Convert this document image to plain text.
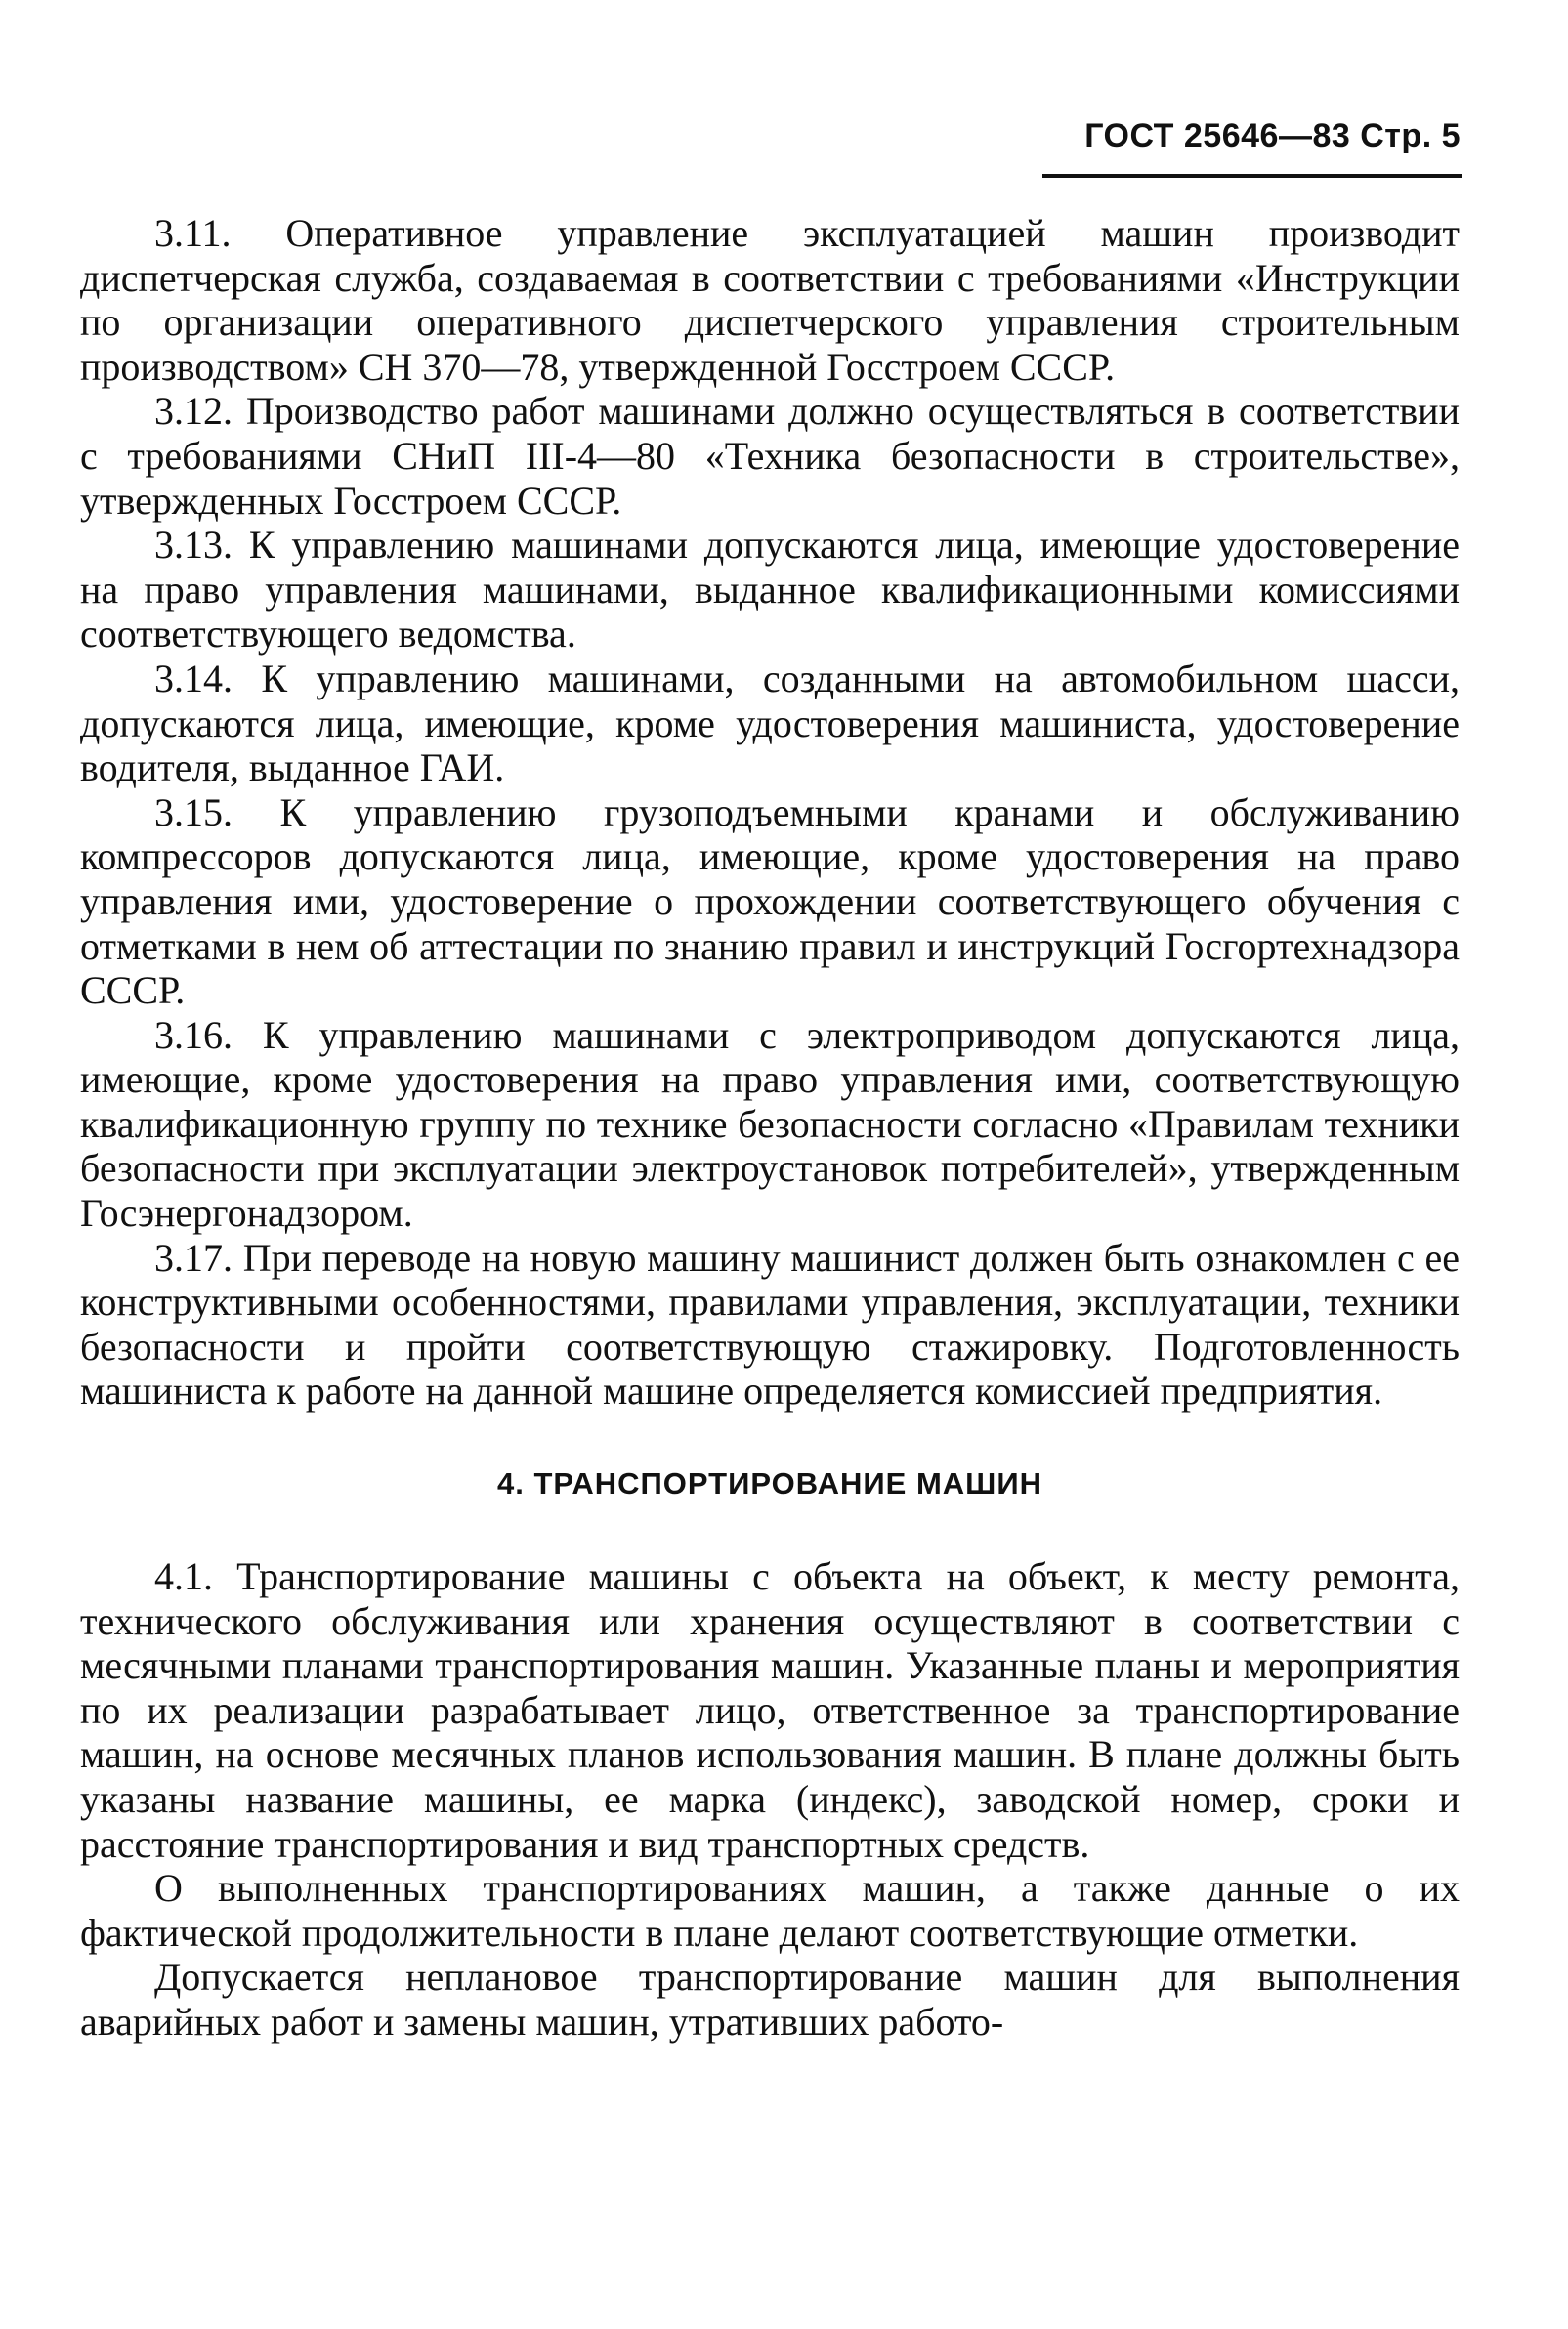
ГОСТ 25646—83 Стр. 5

3.11. Оперативное управление эксплуатацией машин производит диспетчерская служба, создаваемая в соответствии с требованиями «Инструкции по организации оперативного диспетчерского управления строительным производством» СН 370—78, утвержденной Госстроем СССР.

3.12. Производство работ машинами должно осуществляться в соответствии с требованиями СНиП III-4—80 «Техника безопасности в строительстве», утвержденных Госстроем СССР.

3.13. К управлению машинами допускаются лица, имеющие удостоверение на право управления машинами, выданное квалификационными комиссиями соответствующего ведомства.

3.14. К управлению машинами, созданными на автомобильном шасси, допускаются лица, имеющие, кроме удостоверения машиниста, удостоверение водителя, выданное ГАИ.

3.15. К управлению грузоподъемными кранами и обслуживанию компрессоров допускаются лица, имеющие, кроме удостоверения на право управления ими, удостоверение о прохождении соответствующего обучения с отметками в нем об аттестации по знанию правил и инструкций Госгортехнадзора СССР.

3.16. К управлению машинами с электроприводом допускаются лица, имеющие, кроме удостоверения на право управления ими, соответствующую квалификационную группу по технике безопасности согласно «Правилам техники безопасности при эксплуатации электроустановок потребителей», утвержденным Госэнергонадзором.

3.17. При переводе на новую машину машинист должен быть ознакомлен с ее конструктивными особенностями, правилами управления, эксплуатации, техники безопасности и пройти соответствующую стажировку. Подготовленность машиниста к работе на данной машине определяется комиссией предприятия.

4. ТРАНСПОРТИРОВАНИЕ МАШИН

4.1. Транспортирование машины с объекта на объект, к месту ремонта, технического обслуживания или хранения осуществляют в соответствии с месячными планами транспортирования машин. Указанные планы и мероприятия по их реализации разрабатывает лицо, ответственное за транспортирование машин, на основе месячных планов использования машин. В плане должны быть указаны название машины, ее марка (индекс), заводской номер, сроки и расстояние транспортирования и вид транспортных средств.

О выполненных транспортированиях машин, а также данные о их фактической продолжительности в плане делают соответствующие отметки.

Допускается неплановое транспортирование машин для выполнения аварийных работ и замены машин, утративших работо-
